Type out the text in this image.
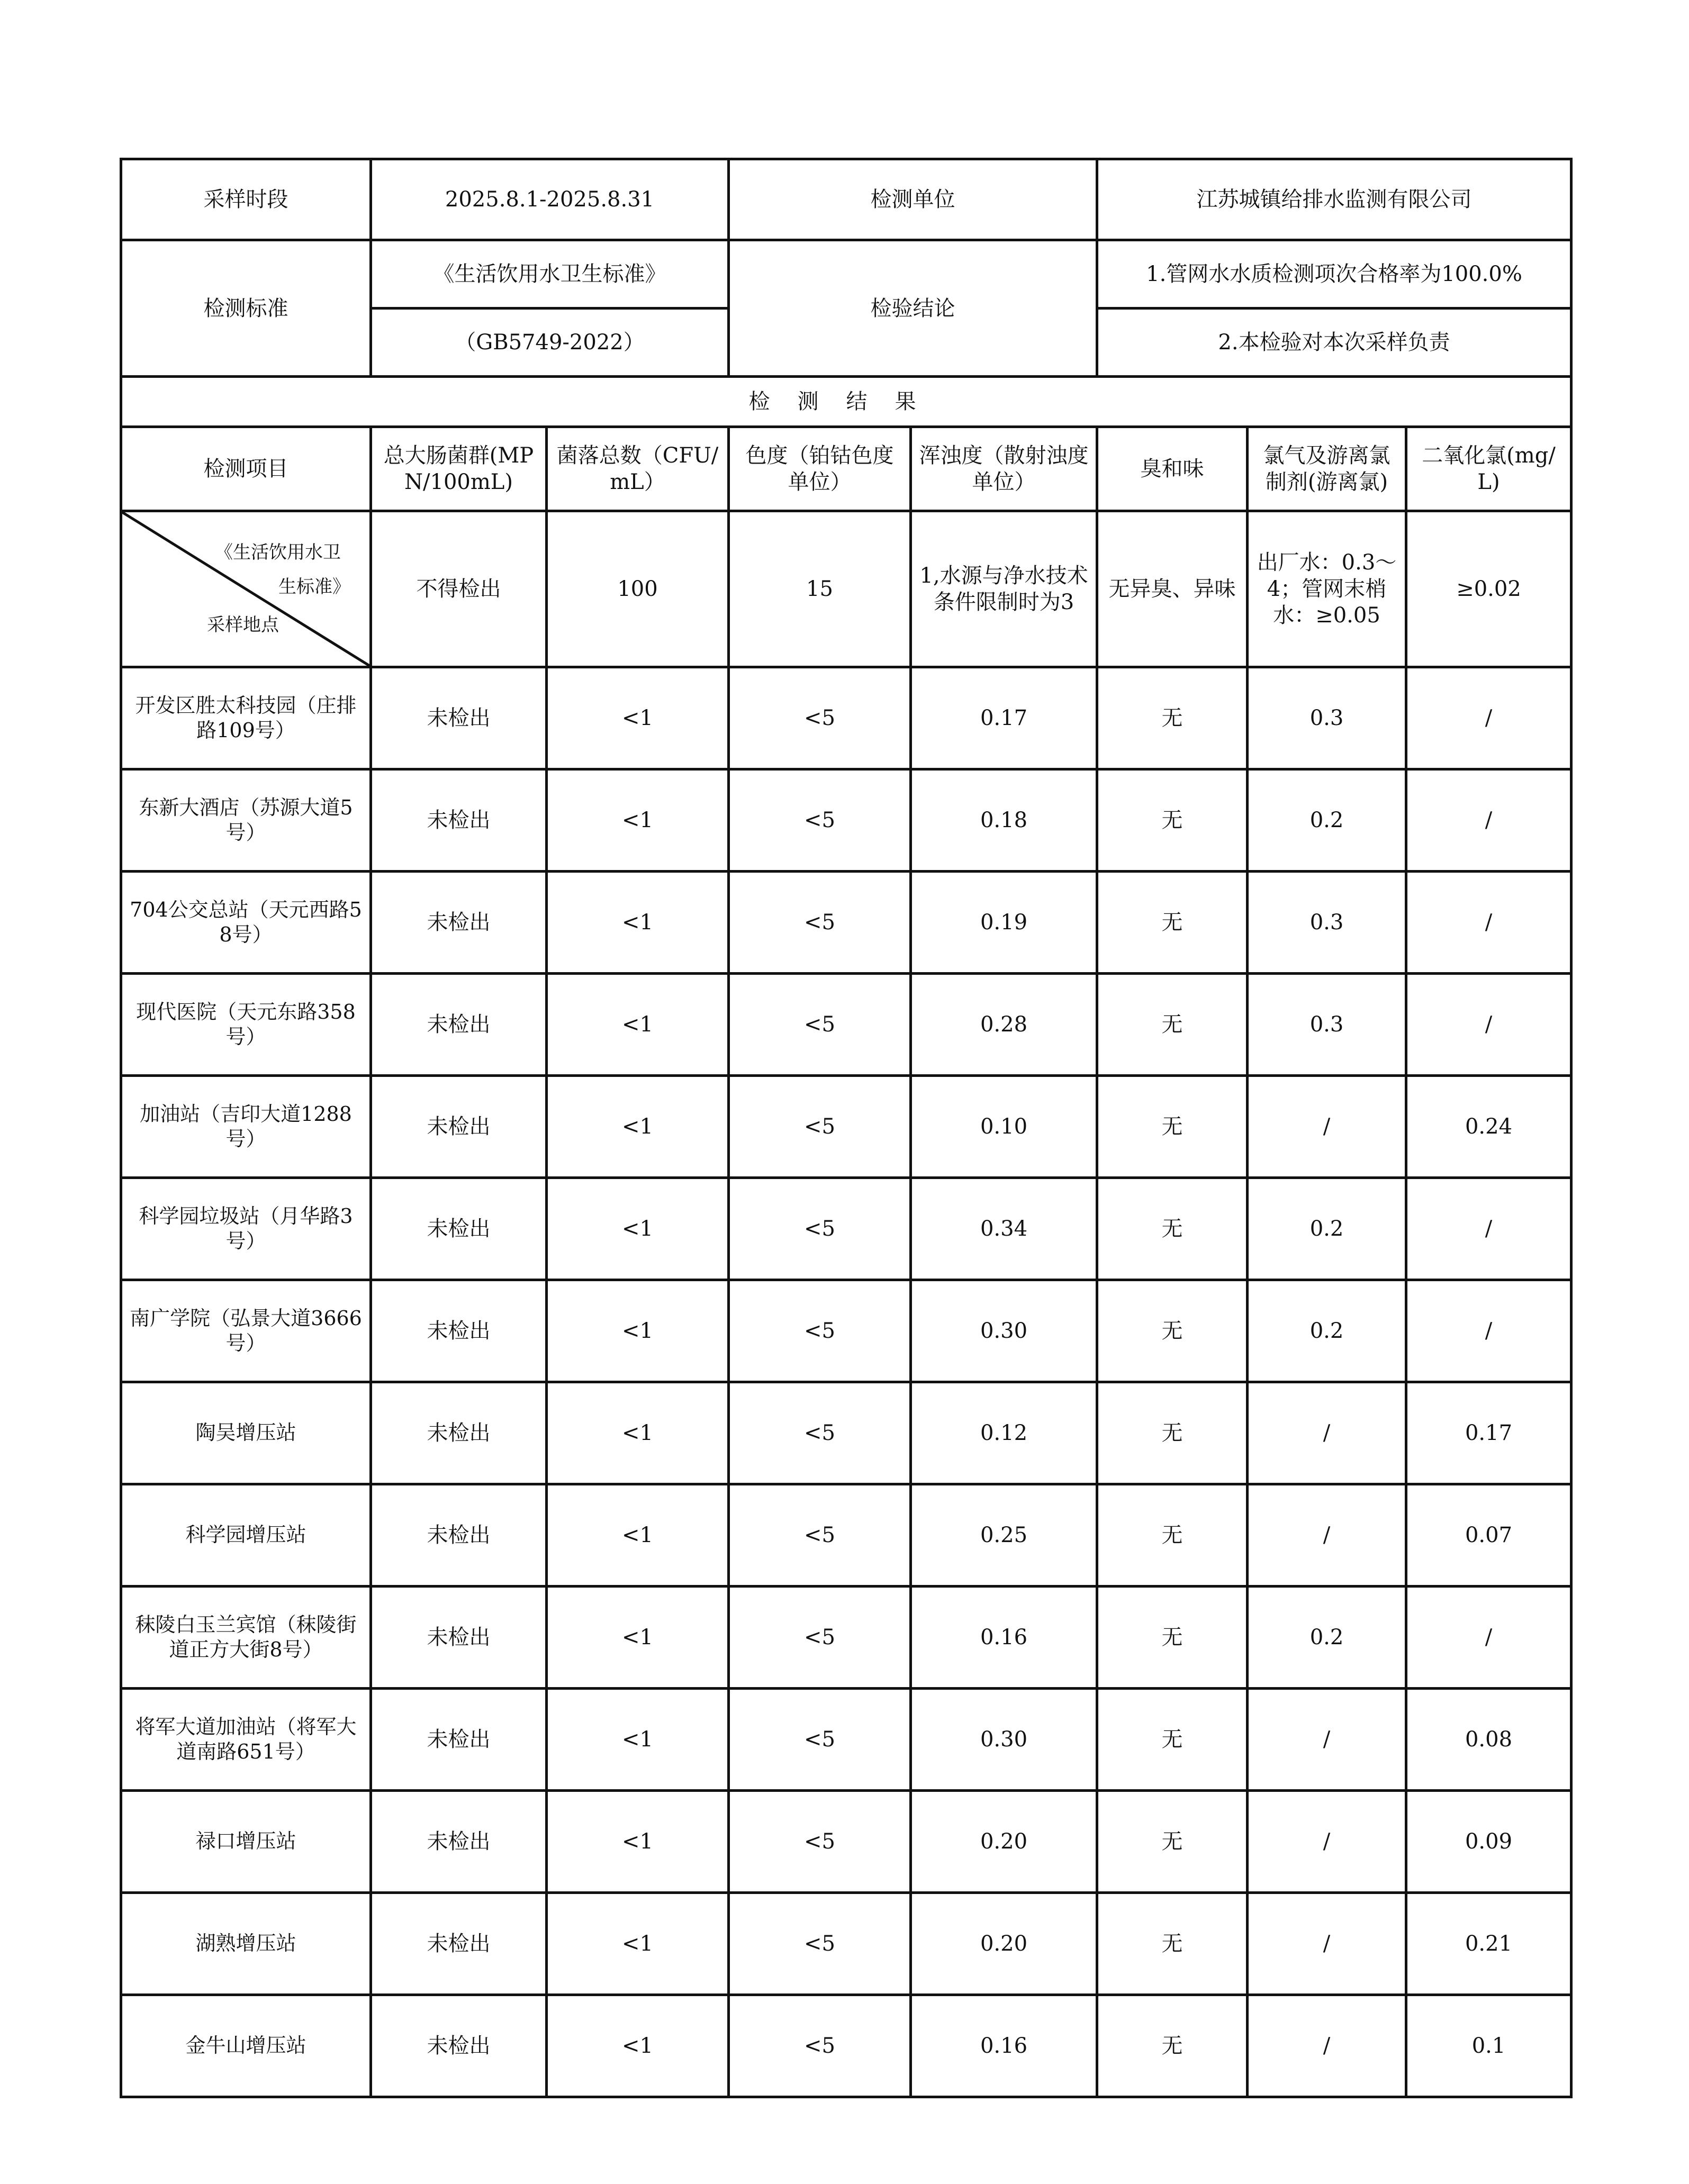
采样时段	2025.8.1-2025.8.31		检测单位		江苏城镇给排水监测有限公司		
检测标准	《生活饮用水卫生标准》		检验结论		1.管网水水质检测项次合格率为100.0%		
	（GB5749-2022）				2.本检验对本次采样负责		
检测结果							
检测项目	总大肠菌群(MPN/100mL)	菌落总数（CFU/mL）	色度（铂钴色度单位）	浑浊度（散射浊度单位）	臭和味	氯气及游离氯制剂(游离氯)	二氧化氯(mg/L)

《生活饮用水卫
生标准》
采样地点	不得检出	100	15	1,水源与净水技术条件限制时为3	无异臭、异味	出厂水：0.3～4；管网末梢水：≥0.05	≥0.02
开发区胜太科技园（庄排路109号）	未检出	<1	<5	0.17	无	0.3	/
东新大酒店（苏源大道5号）	未检出	<1	<5	0.18	无	0.2	/
704公交总站（天元西路58号）	未检出	<1	<5	0.19	无	0.3	/
现代医院（天元东路358号）	未检出	<1	<5	0.28	无	0.3	/
加油站（吉印大道1288号）	未检出	<1	<5	0.10	无	/	0.24
科学园垃圾站（月华路3号）	未检出	<1	<5	0.34	无	0.2	/
南广学院（弘景大道3666号）	未检出	<1	<5	0.30	无	0.2	/
陶吴增压站	未检出	<1	<5	0.12	无	/	0.17
科学园增压站	未检出	<1	<5	0.25	无	/	0.07
秣陵白玉兰宾馆（秣陵街道正方大街8号）	未检出	<1	<5	0.16	无	0.2	/
将军大道加油站（将军大道南路651号）	未检出	<1	<5	0.30	无	/	0.08
禄口增压站	未检出	<1	<5	0.20	无	/	0.09
湖熟增压站	未检出	<1	<5	0.20	无	/	0.21
金牛山增压站	未检出	<1	<5	0.16	无	/	0.1
